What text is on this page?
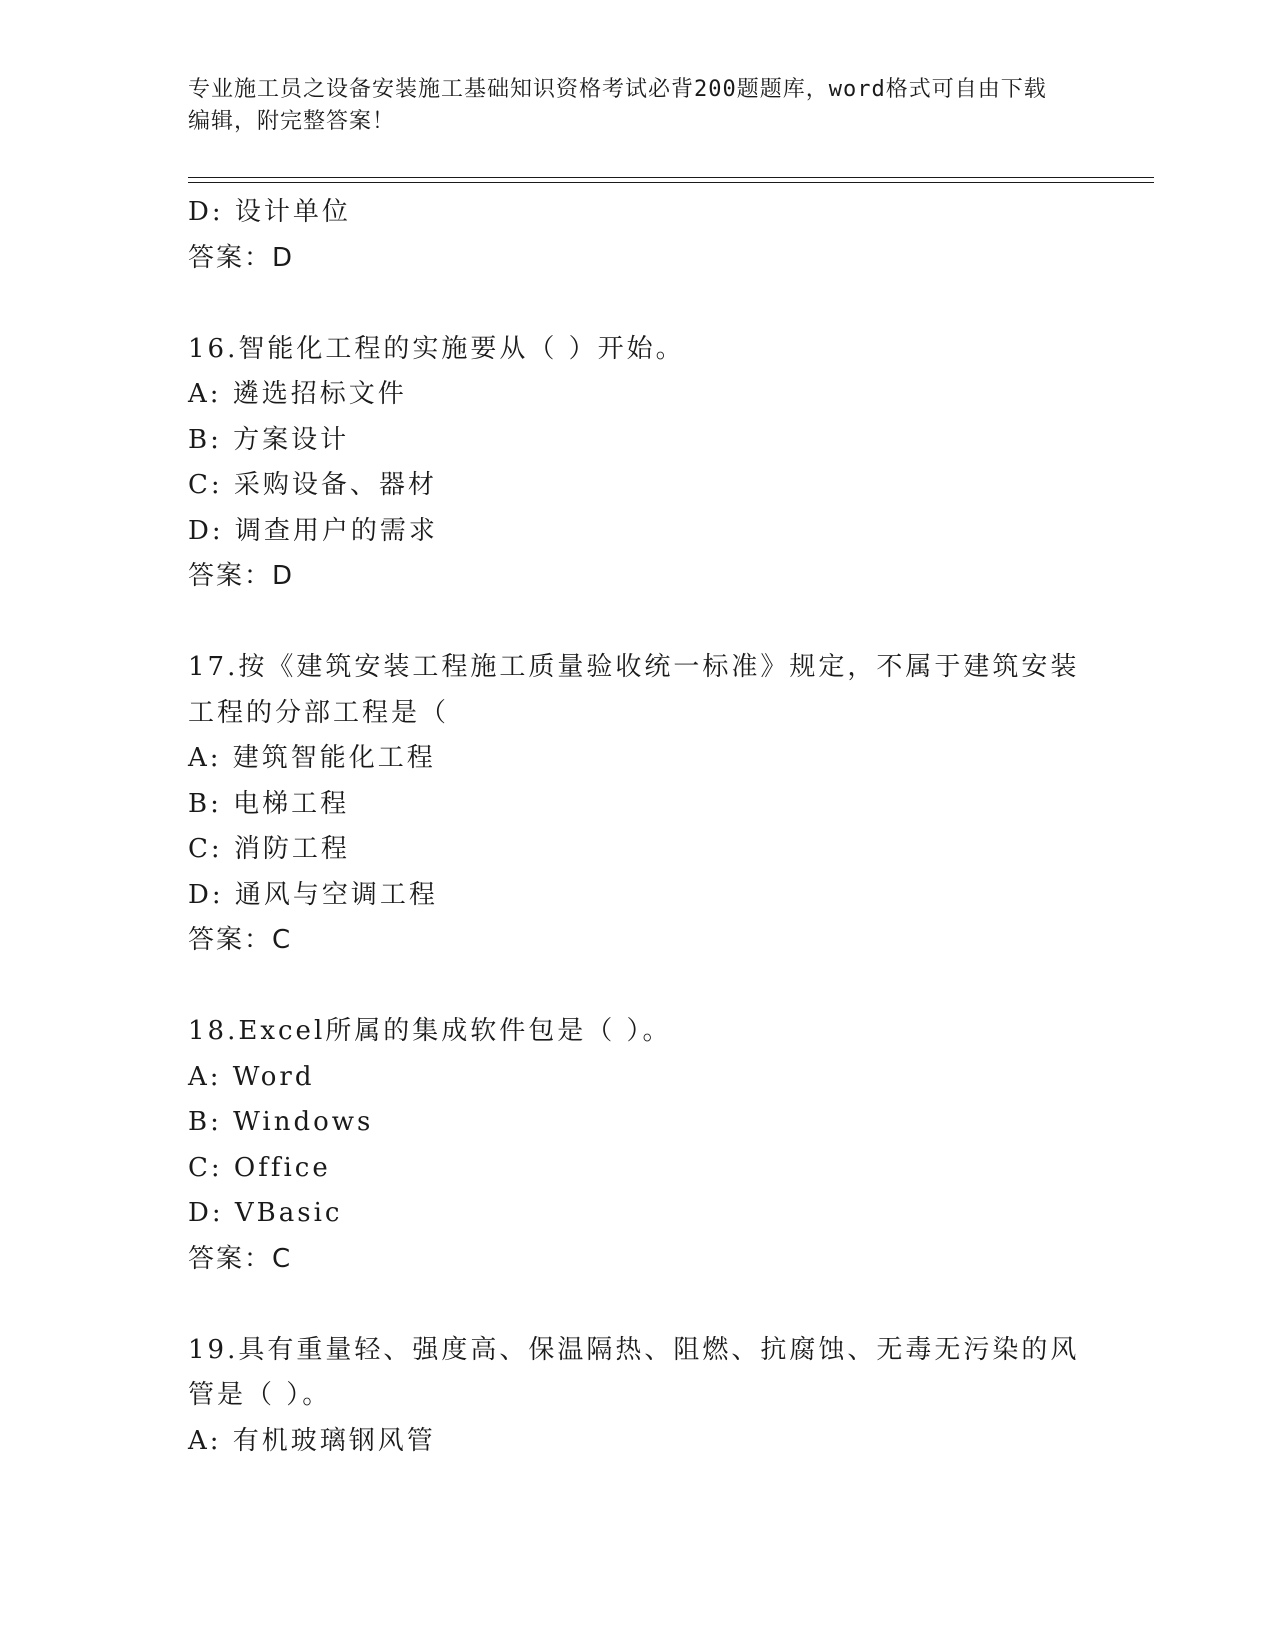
专业施工员之设备安装施工基础知识资格考试必背200题题库，word格式可自由下载编辑，附完整答案！
D: 设计单位
答案：D
16.智能化工程的实施要从（ ）开始。
A: 遴选招标文件
B: 方案设计
C: 采购设备、器材
D: 调查用户的需求
答案：D
17.按《建筑安装工程施工质量验收统一标准》规定，不属于建筑安装工程的分部工程是（
A: 建筑智能化工程
B: 电梯工程
C: 消防工程
D: 通风与空调工程
答案：C
18.Excel所属的集成软件包是（ ）。
A: Word
B: Windows
C: Office
D: VBasic
答案：C
19.具有重量轻、强度高、保温隔热、阻燃、抗腐蚀、无毒无污染的风管是（ ）。
A: 有机玻璃钢风管
